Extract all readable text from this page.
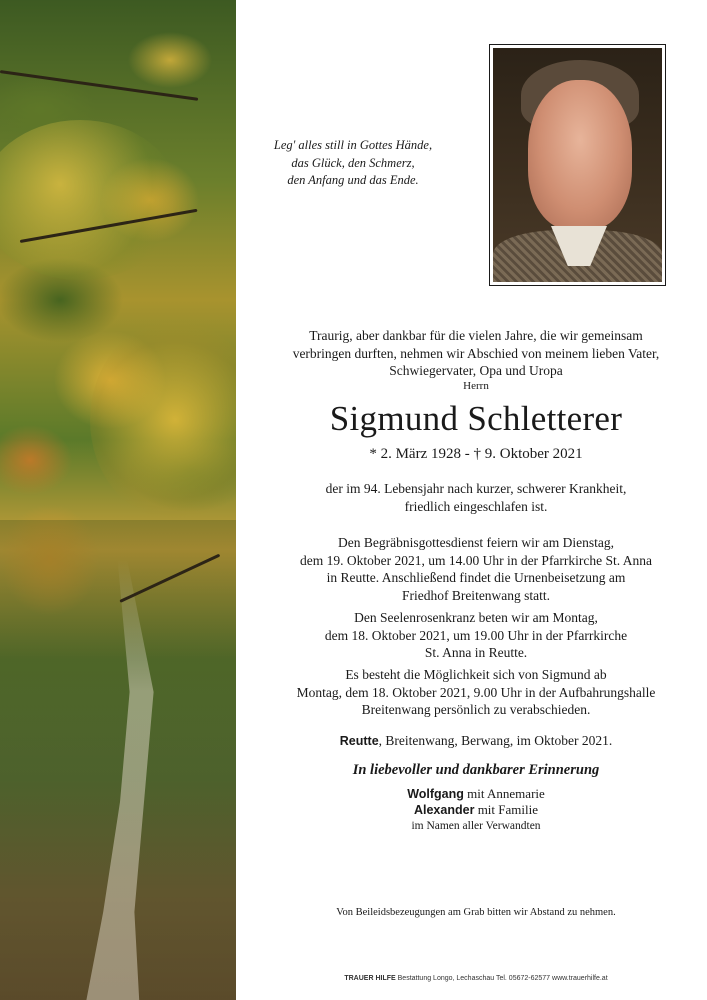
Leg' alles still in Gottes Hände,
das Glück, den Schmerz,
den Anfang und das Ende.
Traurig, aber dankbar für die vielen Jahre, die wir gemeinsam
verbringen durften, nehmen wir Abschied von meinem lieben Vater,
Schwiegervater, Opa und Uropa
Herrn
Sigmund Schletterer
* 2. März 1928 - † 9. Oktober 2021
der im 94. Lebensjahr nach kurzer, schwerer Krankheit,
friedlich eingeschlafen ist.
Den Begräbnisgottesdienst feiern wir am Dienstag,
dem 19. Oktober 2021, um 14.00 Uhr in der Pfarrkirche St. Anna
in Reutte. Anschließend findet die Urnenbeisetzung am
Friedhof Breitenwang statt.
Den Seelenrosenkranz beten wir am Montag,
dem 18. Oktober 2021, um 19.00 Uhr in der Pfarrkirche
St. Anna in Reutte.
Es besteht die Möglichkeit sich von Sigmund ab
Montag, dem 18. Oktober 2021, 9.00 Uhr in der Aufbahrungshalle
Breitenwang persönlich zu verabschieden.
Reutte, Breitenwang, Berwang, im Oktober 2021.
In liebevoller und dankbarer Erinnerung
Wolfgang mit Annemarie
Alexander mit Familie
im Namen aller Verwandten
Von Beileidsbezeugungen am Grab bitten wir Abstand zu nehmen.
TRAUER HILFE Bestattung Longo, Lechaschau Tel. 05672-62577 www.trauerhilfe.at
